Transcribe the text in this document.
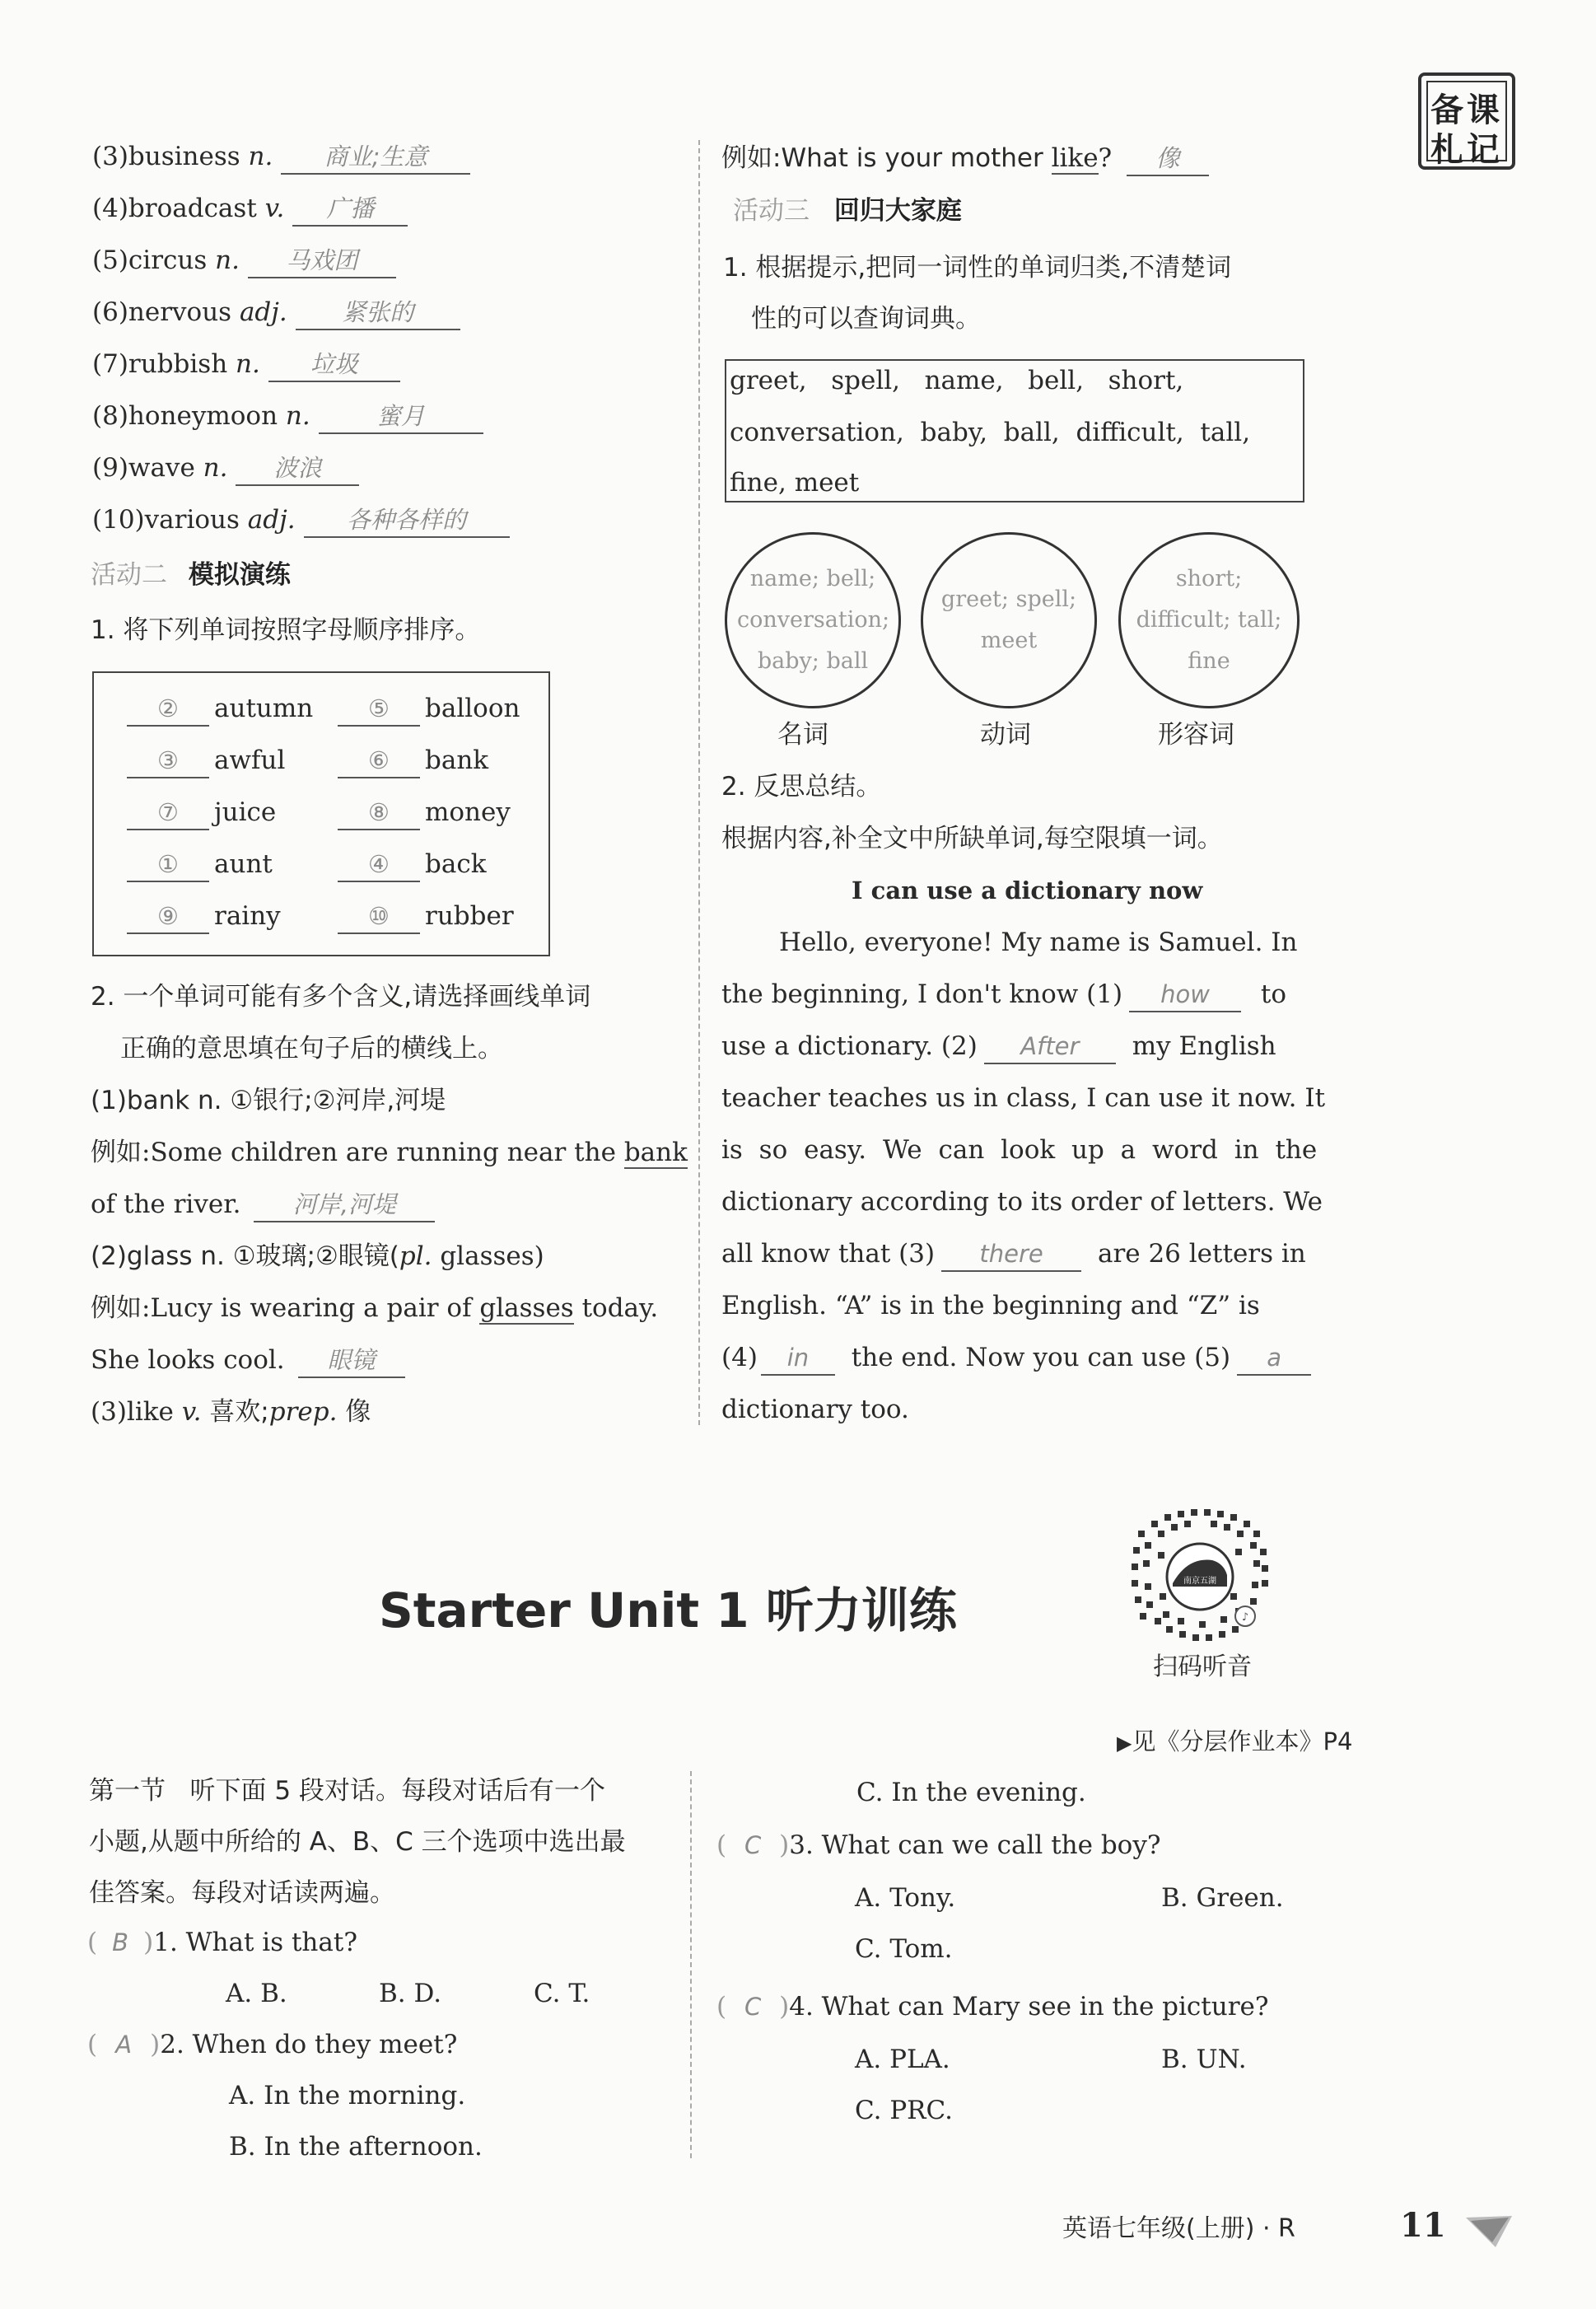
备课
札记
(3)business n. 商业;生意
(4)broadcast v. 广播
(5)circus n. 马戏团
(6)nervous adj. 紧张的
(7)rubbish n. 垃圾
(8)honeymoon n.	蜜月
(9)wave n. 波浪
(10)various adj. 各种各样的
活动二 模拟演练
1. 将下列单词按照字母顺序排序。
② autumn ⑤ balloon
③ awful	⑥ bank
⑦ juice	⑧ money
① aunt	④ back
⑨ rainy	⑩ rubber
2. 一个单词可能有多个含义,请选择画线单词
正确的意思填在句子后的横线上。
(1)bank n. ①银行;②河岸,河堤
例如:Some children are running near the bank
of the river. 河岸,河堤
(2)glass n. ①玻璃;②眼镜(pl. glasses)
例如:Lucy is wearing a pair of glasses today.
She looks cool. 眼镜
(3)like v. 喜欢;prep. 像
例如:What is your mother like? 像
活动三 回归大家庭
1. 根据提示,把同一词性的单词归类,不清楚词
性的可以查询词典。
greet,   spell,   name,   bell,   short,
conversation,  baby,  ball,  difficult,  tall,
fine, meet
name; bell; conversation; baby; ball
greet; spell; meet
short; difficult; tall; fine
名词	动词	形容词
2. 反思总结。
根据内容,补全文中所缺单词,每空限填一词。
I can use a dictionary now
Hello, everyone! My name is Samuel. In
the beginning, I don't know (1) how to
use a dictionary. (2) After my English
teacher teaches us in class, I can use it now. It
is so easy. We can look up a word in the
dictionary according to its order of letters. We
all know that (3) there are 26 letters in
English. “A” is in the beginning and “Z” is
(4) in the end. Now you can use (5) a
dictionary too.
Starter Unit 1 听力训练	♪
南京五湖
扫码听音
▶见《分层作业本》P4
第一节   听下面 5 段对话。每段对话后有一个
小题,从题中所给的 A、B、C 三个选项中选出最
佳答案。每段对话读两遍。
( B )1. What is that?
A. B.	B. D.	C. T.
( A )2. When do they meet?
A. In the morning.
B. In the afternoon.
C. In the evening.
( C )3. What can we call the boy?
A. Tony.	B. Green.
C. Tom.
( C )4. What can Mary see in the picture?
A. PLA.	B. UN.
C. PRC.
英语七年级(上册) · R	11
